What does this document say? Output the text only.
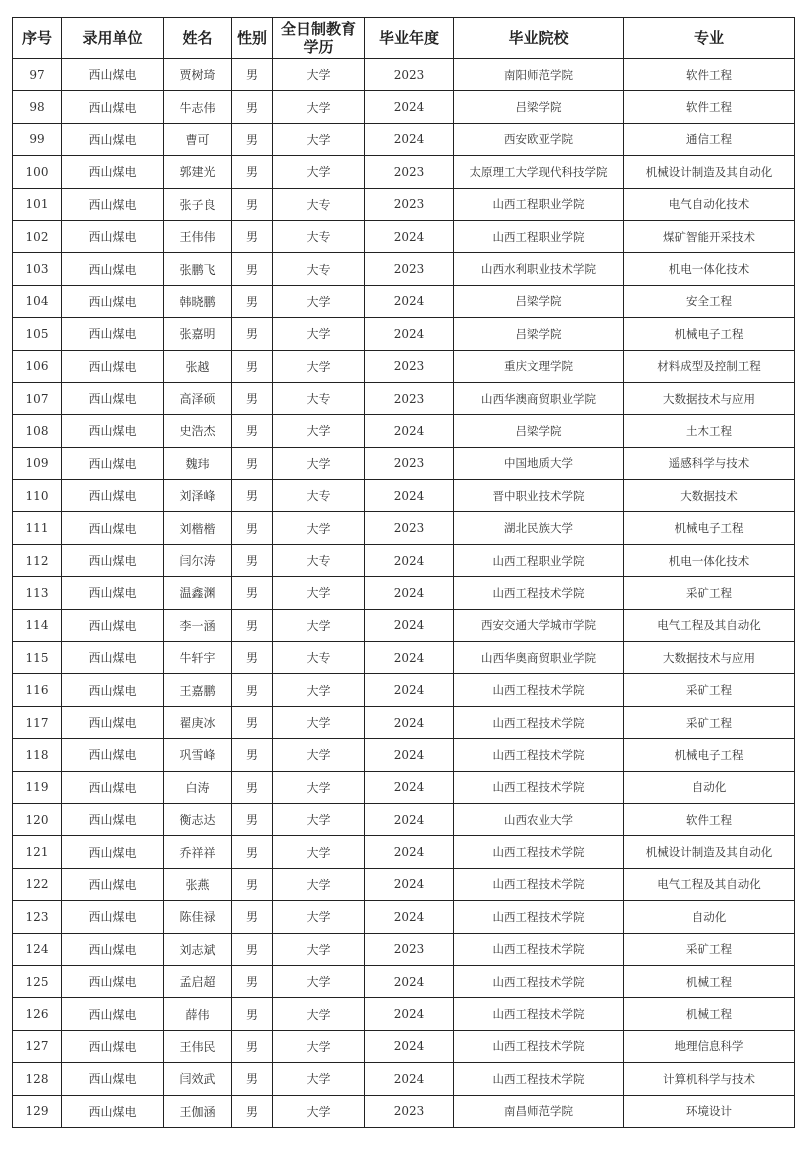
序号	录用单位	姓名	性别	全日制教育学历	毕业年度	毕业院校	专业
97	西山煤电	贾树琦	男	大学	2023	南阳师范学院	软件工程
98	西山煤电	牛志伟	男	大学	2024	吕梁学院	软件工程
99	西山煤电	曹可	男	大学	2024	西安欧亚学院	通信工程
100	西山煤电	郭建光	男	大学	2023	太原理工大学现代科技学院	机械设计制造及其自动化
101	西山煤电	张子良	男	大专	2023	山西工程职业学院	电气自动化技术
102	西山煤电	王伟伟	男	大专	2024	山西工程职业学院	煤矿智能开采技术
103	西山煤电	张鹏飞	男	大专	2023	山西水利职业技术学院	机电一体化技术
104	西山煤电	韩晓鹏	男	大学	2024	吕梁学院	安全工程
105	西山煤电	张嘉明	男	大学	2024	吕梁学院	机械电子工程
106	西山煤电	张越	男	大学	2023	重庆文理学院	材料成型及控制工程
107	西山煤电	高泽硕	男	大专	2023	山西华澳商贸职业学院	大数据技术与应用
108	西山煤电	史浩杰	男	大学	2024	吕梁学院	土木工程
109	西山煤电	魏玮	男	大学	2023	中国地质大学	遥感科学与技术
110	西山煤电	刘泽峰	男	大专	2024	晋中职业技术学院	大数据技术
111	西山煤电	刘楷楷	男	大学	2023	湖北民族大学	机械电子工程
112	西山煤电	闫尔涛	男	大专	2024	山西工程职业学院	机电一体化技术
113	西山煤电	温鑫渊	男	大学	2024	山西工程技术学院	采矿工程
114	西山煤电	李一涵	男	大学	2024	西安交通大学城市学院	电气工程及其自动化
115	西山煤电	牛轩宇	男	大专	2024	山西华奥商贸职业学院	大数据技术与应用
116	西山煤电	王嘉鹏	男	大学	2024	山西工程技术学院	采矿工程
117	西山煤电	翟庚冰	男	大学	2024	山西工程技术学院	采矿工程
118	西山煤电	巩雪峰	男	大学	2024	山西工程技术学院	机械电子工程
119	西山煤电	白涛	男	大学	2024	山西工程技术学院	自动化
120	西山煤电	衡志达	男	大学	2024	山西农业大学	软件工程
121	西山煤电	乔祥祥	男	大学	2024	山西工程技术学院	机械设计制造及其自动化
122	西山煤电	张燕	男	大学	2024	山西工程技术学院	电气工程及其自动化
123	西山煤电	陈佳禄	男	大学	2024	山西工程技术学院	自动化
124	西山煤电	刘志斌	男	大学	2023	山西工程技术学院	采矿工程
125	西山煤电	孟启超	男	大学	2024	山西工程技术学院	机械工程
126	西山煤电	薛伟	男	大学	2024	山西工程技术学院	机械工程
127	西山煤电	王伟民	男	大学	2024	山西工程技术学院	地理信息科学
128	西山煤电	闫效武	男	大学	2024	山西工程技术学院	计算机科学与技术
129	西山煤电	王伽涵	男	大学	2023	南昌师范学院	环境设计
